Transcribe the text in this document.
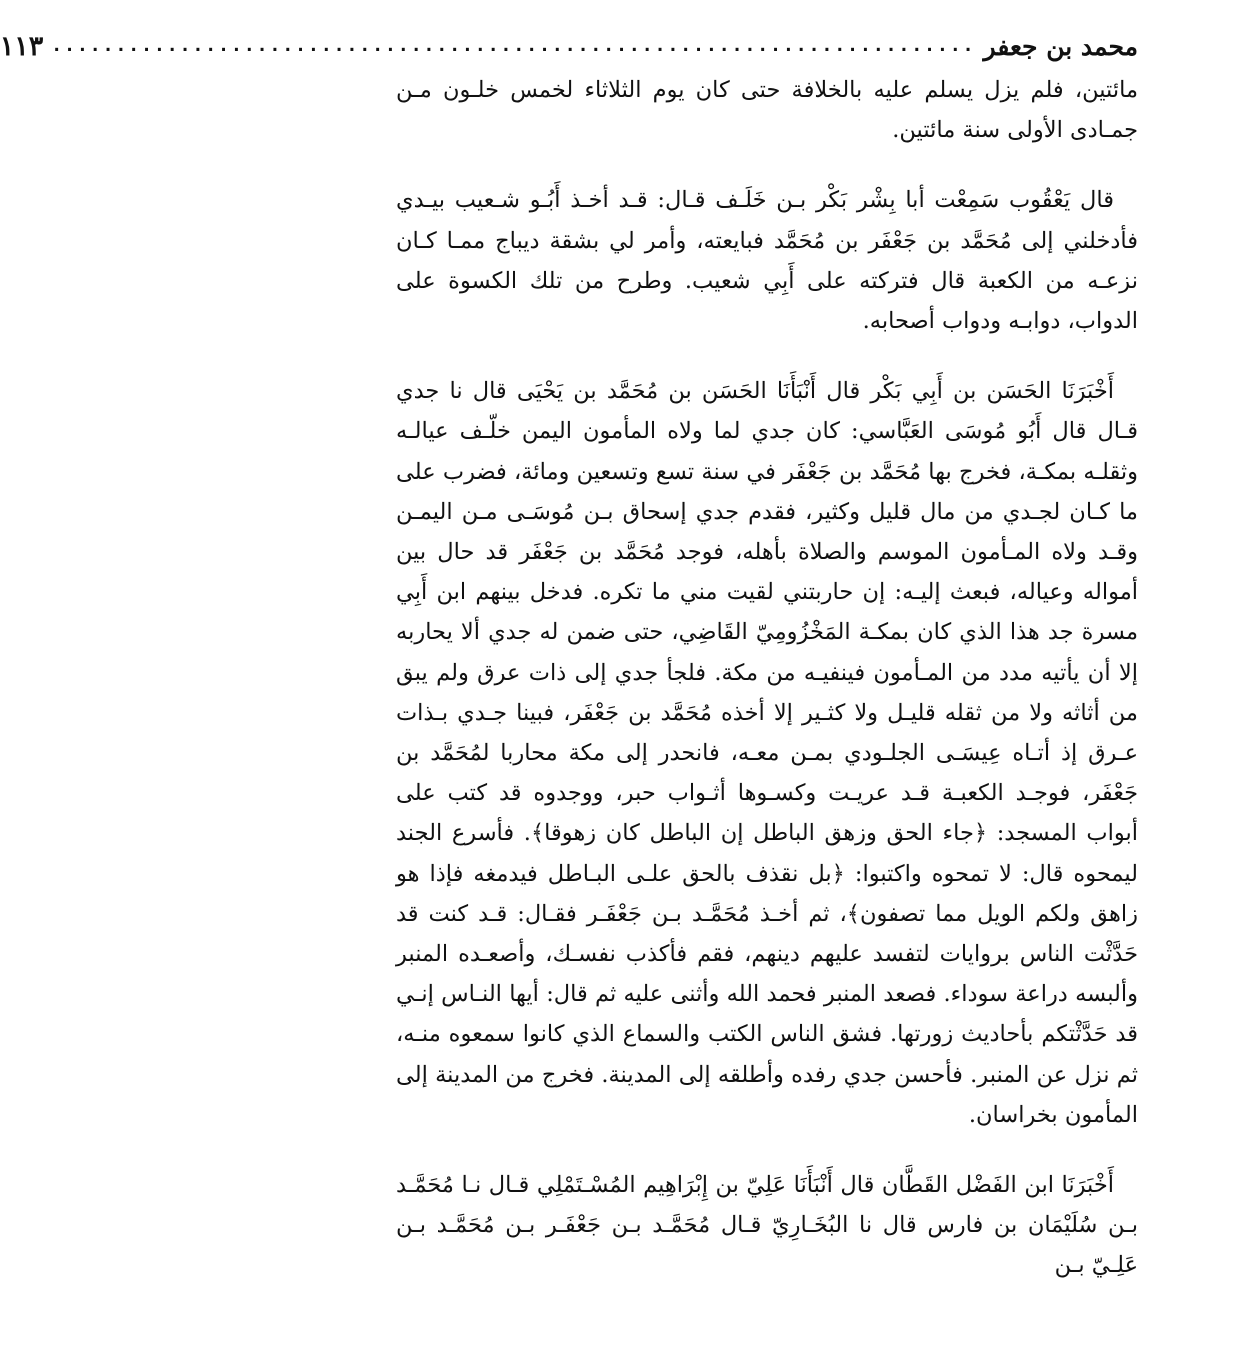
محمد بن جعفر
........................................................................
١١٣

مائتين، فلم يزل يسلم عليه بالخلافة حتى كان يوم الثلاثاء لخمس خلـون مـن جمـادى الأولى سنة مائتين.

قال يَعْقُوب سَمِعْت أبا بِشْر بَكْر بـن خَلَـف قـال: قـد أخـذ أَبُـو شـعيب بيـدي فأدخلني إلى مُحَمَّد بن جَعْفَر بن مُحَمَّد فبايعته، وأمر لي بشقة ديباج ممـا كـان نزعـه من الكعبة قال فتركته على أَبِي شعيب. وطرح من تلك الكسوة على الدواب، دوابـه ودواب أصحابه.

أَخْبَرَنَا الحَسَن بن أَبِي بَكْر قال أَنْبَأَنَا الحَسَن بن مُحَمَّد بن يَحْيَى قال نا جدي قـال قال أَبُو مُوسَى العَبَّاسي: كان جدي لما ولاه المأمون اليمن خلّـف عيالـه وثقلـه بمكـة، فخرج بها مُحَمَّد بن جَعْفَر في سنة تسع وتسعين ومائة، فضرب على ما كـان لجـدي من مال قليل وكثير، فقدم جدي إسحاق بـن مُوسَـى مـن اليمـن وقـد ولاه المـأمون الموسم والصلاة بأهله، فوجد مُحَمَّد بن جَعْفَر قد حال بين أمواله وعياله، فبعث إليـه: إن حاربتني لقيت مني ما تكره. فدخل بينهم ابن أَبِي مسرة جد هذا الذي كان بمكـة المَخْزُومِيّ القَاضِي، حتى ضمن له جدي ألا يحاربه إلا أن يأتيه مدد من المـأمون فينفيـه من مكة. فلجأ جدي إلى ذات عرق ولم يبق من أثاثه ولا من ثقله قليـل ولا كثـير إلا أخذه مُحَمَّد بن جَعْفَر، فبينا جـدي بـذات عـرق إذ أتـاه عِيسَـى الجلـودي بمـن معـه، فانحدر إلى مكة محاربا لمُحَمَّد بن جَعْفَر، فوجـد الكعبـة قـد عريـت وكسـوها أثـواب حبر، ووجدوه قد كتب على أبواب المسجد: ﴿جاء الحق وزهق الباطل إن الباطل كان زهوقا﴾. فأسرع الجند ليمحوه قال: لا تمحوه واكتبوا: ﴿بل نقذف بالحق علـى البـاطل فيدمغه فإذا هو زاهق ولكم الويل مما تصفون﴾، ثم أخـذ مُحَمَّـد بـن جَعْفَـر فقـال: قـد كنت قد حَدَّثْت الناس بروايات لتفسد عليهم دينهم، فقم فأكذب نفسـك، وأصعـده المنبر وألبسه دراعة سوداء. فصعد المنبر فحمد الله وأثنى عليه ثم قال: أيها النـاس إنـي قد حَدَّثْتكم بأحاديث زورتها. فشق الناس الكتب والسماع الذي كانوا سمعوه منـه، ثم نزل عن المنبر. فأحسن جدي رفده وأطلقه إلى المدينة. فخرج من المدينة إلى المأمون بخراسان.

أَخْبَرَنَا ابن الفَضْل القَطَّان قال أَنْبَأَنَا عَلِيّ بن إِبْرَاهِيم المُسْـتَمْلِي قـال نـا مُحَمَّـد بـن سُلَيْمَان بن فارس قال نا البُخَـارِيّ قـال مُحَمَّـد بـن جَعْفَـر بـن مُحَمَّـد بـن عَلِـيّ بـن
